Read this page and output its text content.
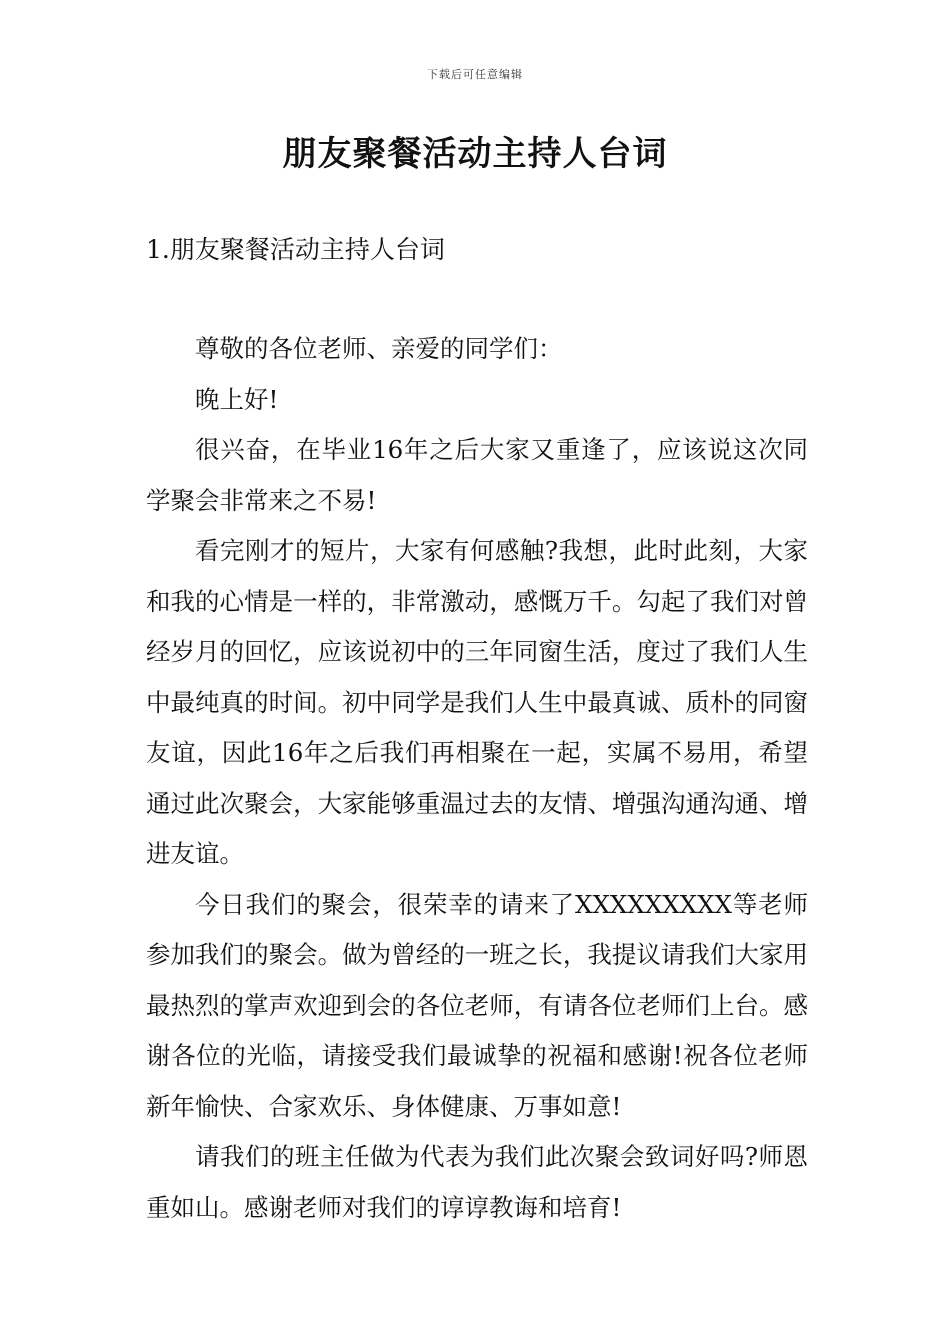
下载后可任意编辑
朋友聚餐活动主持人台词
1.朋友聚餐活动主持人台词

尊敬的各位老师、亲爱的同学们：

晚上好!

很兴奋，在毕业16年之后大家又重逢了，应该说这次同学聚会非常来之不易!

看完刚才的短片，大家有何感触?我想，此时此刻，大家和我的心情是一样的，非常激动，感慨万千。勾起了我们对曾经岁月的回忆，应该说初中的三年同窗生活，度过了我们人生中最纯真的时间。初中同学是我们人生中最真诚、质朴的同窗友谊，因此16年之后我们再相聚在一起，实属不易用，希望通过此次聚会，大家能够重温过去的友情、增强沟通沟通、增进友谊。

今日我们的聚会，很荣幸的请来了XXXXXXXXX等老师参加我们的聚会。做为曾经的一班之长，我提议请我们大家用最热烈的掌声欢迎到会的各位老师，有请各位老师们上台。感谢各位的光临，请接受我们最诚挚的祝福和感谢!祝各位老师新年愉快、合家欢乐、身体健康、万事如意!

请我们的班主任做为代表为我们此次聚会致词好吗?师恩重如山。感谢老师对我们的谆谆教诲和培育!
